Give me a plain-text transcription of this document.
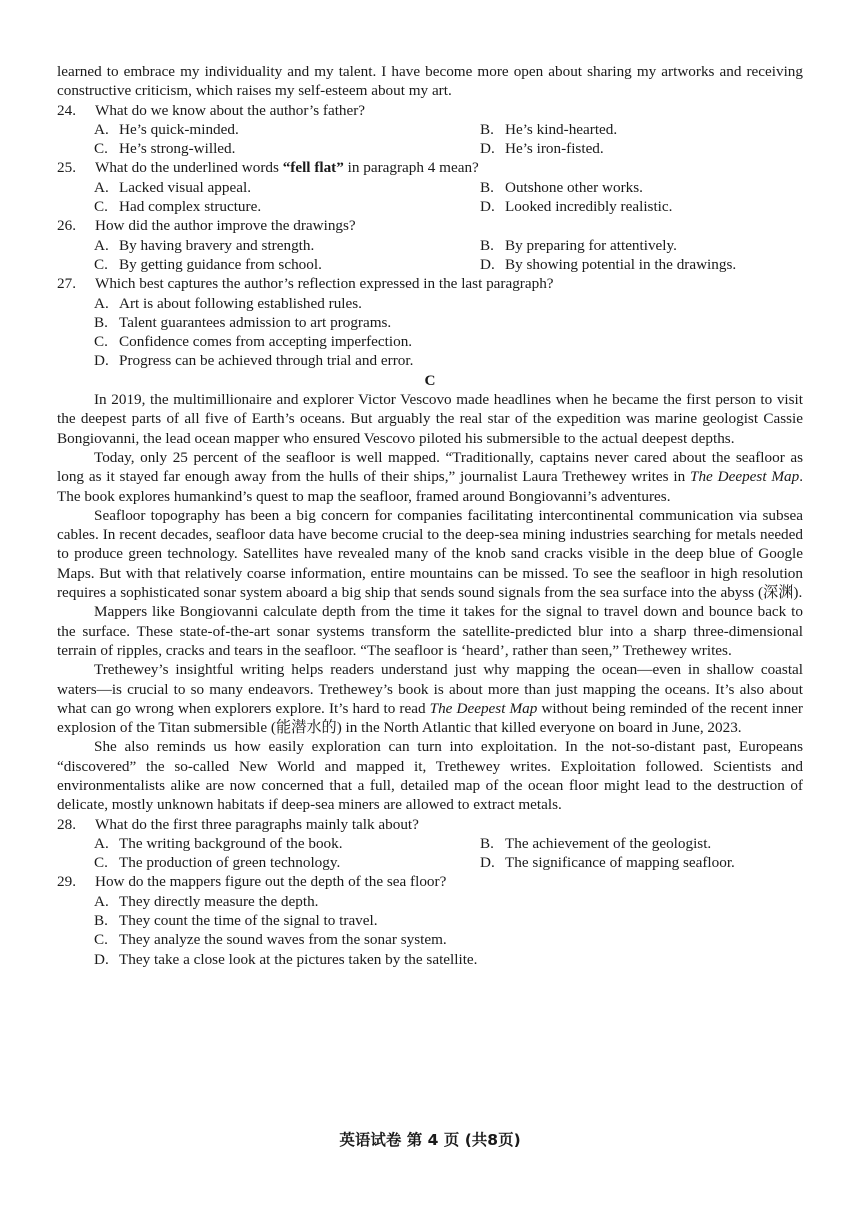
learned to embrace my individuality and my talent. I have become more open about sharing my artworks and receiving constructive criticism, which raises my self-esteem about my art.

24.	What do we know about the author’s father?
A. He’s quick-minded.	B. He’s kind-hearted.
C. He’s strong-willed.	D. He’s iron-fisted.
25.	What do the underlined words “fell flat” in paragraph 4 mean?
A. Lacked visual appeal.	B. Outshone other works.
C. Had complex structure.	D. Looked incredibly realistic.
26.	How did the author improve the drawings?
A. By having bravery and strength.	B. By preparing for attentively.
C. By getting guidance from school.	D. By showing potential in the drawings.
27.	Which best captures the author’s reflection expressed in the last paragraph?
A. Art is about following established rules.
B. Talent guarantees admission to art programs.
C. Confidence comes from accepting imperfection.
D. Progress can be achieved through trial and error.

C

In 2019, the multimillionaire and explorer Victor Vescovo made headlines when he became the first person to visit the deepest parts of all five of Earth’s oceans. But arguably the real star of the expedition was marine geologist Cassie Bongiovanni, the lead ocean mapper who ensured Vescovo piloted his submersible to the actual deepest depths.

Today, only 25 percent of the seafloor is well mapped. “Traditionally, captains never cared about the seafloor as long as it stayed far enough away from the hulls of their ships,” journalist Laura Trethewey writes in The Deepest Map. The book explores humankind’s quest to map the seafloor, framed around Bongiovanni’s adventures.

Seafloor topography has been a big concern for companies facilitating intercontinental communication via subsea cables. In recent decades, seafloor data have become crucial to the deep-sea mining industries searching for metals needed to produce green technology. Satellites have revealed many of the knob sand cracks visible in the deep blue of Google Maps. But with that relatively coarse information, entire mountains can be missed. To see the seafloor in high resolution requires a sophisticated sonar system aboard a big ship that sends sound signals from the sea surface into the abyss (深渊).

Mappers like Bongiovanni calculate depth from the time it takes for the signal to travel down and bounce back to the surface. These state-of-the-art sonar systems transform the satellite-predicted blur into a sharp three-dimensional terrain of ripples, cracks and tears in the seafloor. “The seafloor is ‘heard’, rather than seen,” Trethewey writes.

Trethewey’s insightful writing helps readers understand just why mapping the ocean—even in shallow coastal waters—is crucial to so many endeavors. Trethewey’s book is about more than just mapping the oceans. It’s also about what can go wrong when explorers explore. It’s hard to read The Deepest Map without being reminded of the recent inner explosion of the Titan submersible (能潜水的) in the North Atlantic that killed everyone on board in June, 2023.

She also reminds us how easily exploration can turn into exploitation. In the not-so-distant past, Europeans “discovered” the so-called New World and mapped it, Trethewey writes. Exploitation followed. Scientists and environmentalists alike are now concerned that a full, detailed map of the ocean floor might lead to the destruction of delicate, mostly unknown habitats if deep-sea miners are allowed to extract metals.

28.	What do the first three paragraphs mainly talk about?
A. The writing background of the book.	B. The achievement of the geologist.
C. The production of green technology.	D. The significance of mapping seafloor.
29.	How do the mappers figure out the depth of the sea floor?
A. They directly measure the depth.
B. They count the time of the signal to travel.
C. They analyze the sound waves from the sonar system.
D. They take a close look at the pictures taken by the satellite.
英语试卷 第 4 页 (共8页)
